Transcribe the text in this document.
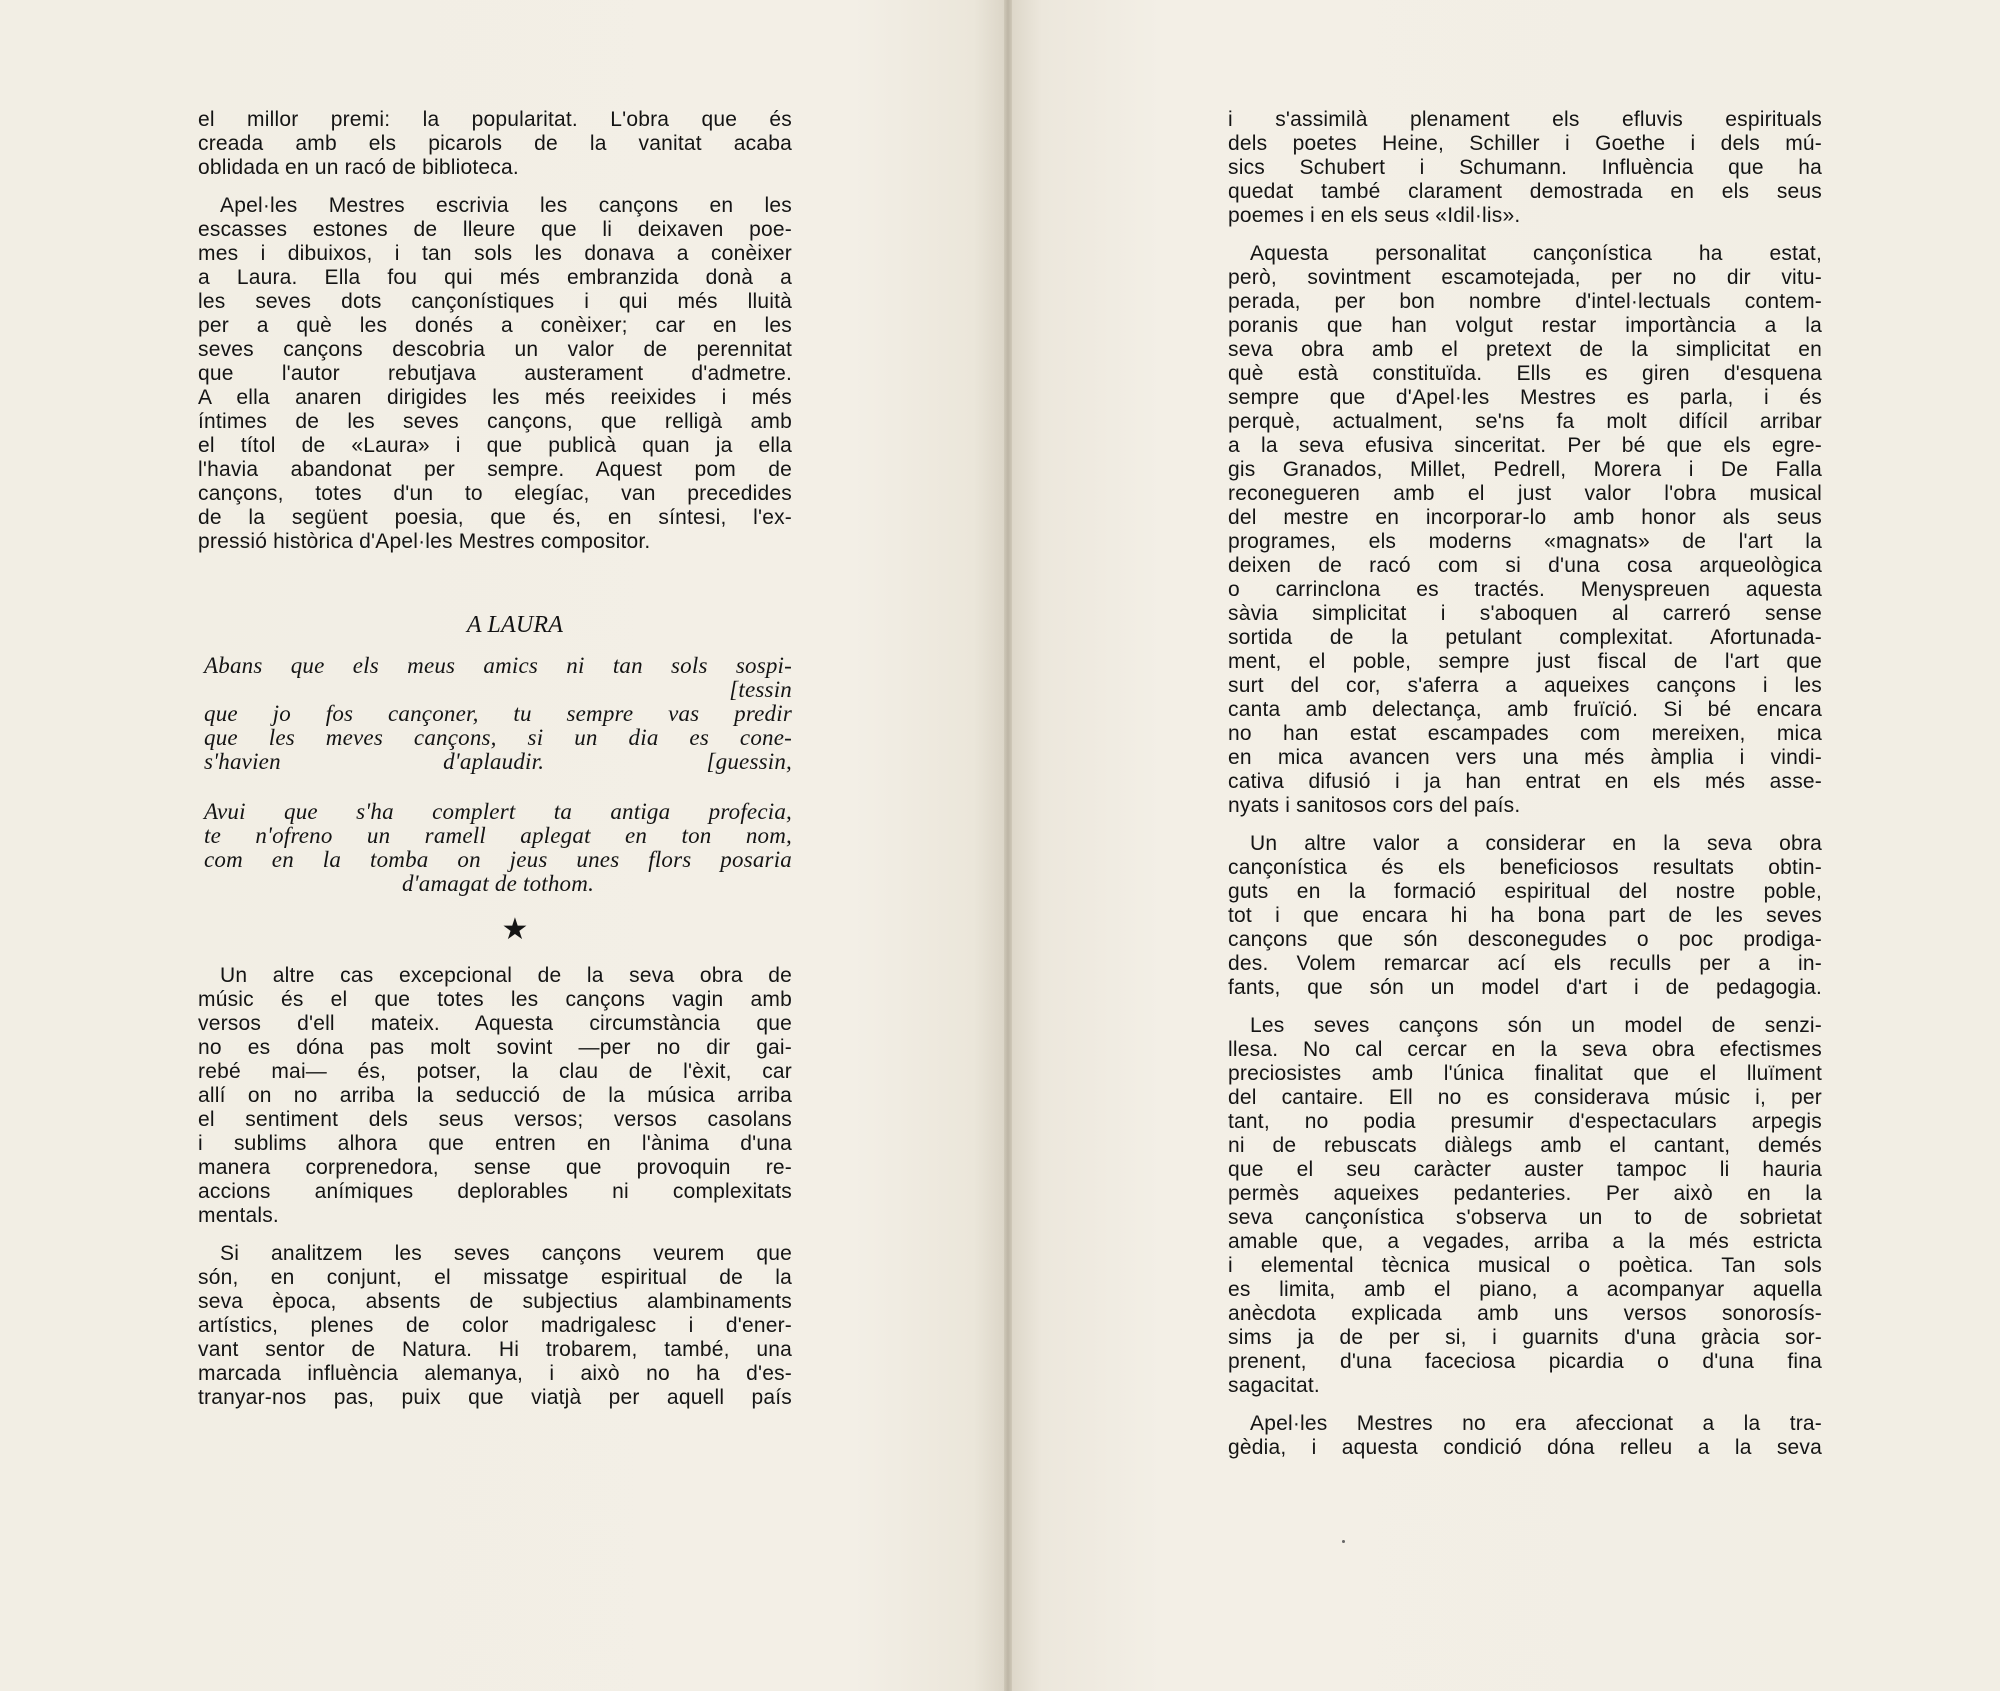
el millor premi: la popularitat. L'obra que és
creada amb els picarols de la vanitat acaba
oblidada en un racó de biblioteca.
Apel·les Mestres escrivia les cançons en les
escasses estones de lleure que li deixaven poe-
mes i dibuixos, i tan sols les donava a conèixer
a Laura. Ella fou qui més embranzida donà a
les seves dots cançonístiques i qui més lluità
per a què les donés a conèixer; car en les
seves cançons descobria un valor de perennitat
que l'autor rebutjava austerament d'admetre.
A ella anaren dirigides les més reeixides i més
íntimes de les seves cançons, que relligà amb
el títol de «Laura» i que publicà quan ja ella
l'havia abandonat per sempre. Aquest pom de
cançons, totes d'un to elegíac, van precedides
de la següent poesia, que és, en síntesi, l'ex-
pressió històrica d'Apel·les Mestres compositor.
A LAURA
Abans que els meus amics ni tan sols sospi-
[tessin
que jo fos cançoner, tu sempre vas predir
que les meves cançons, si un dia es cone-
s'havien d'aplaudir. [guessin,
Avui que s'ha complert ta antiga profecia,
te n'ofreno un ramell aplegat en ton nom,
com en la tomba on jeus unes flors posaria
d'amagat de tothom.
★
Un altre cas excepcional de la seva obra de
músic és el que totes les cançons vagin amb
versos d'ell mateix. Aquesta circumstància que
no es dóna pas molt sovint —per no dir gai-
rebé mai— és, potser, la clau de l'èxit, car
allí on no arriba la seducció de la música arriba
el sentiment dels seus versos; versos casolans
i sublims alhora que entren en l'ànima d'una
manera corprenedora, sense que provoquin re-
accions anímiques deplorables ni complexitats
mentals.
Si analitzem les seves cançons veurem que
són, en conjunt, el missatge espiritual de la
seva època, absents de subjectius alambinaments
artístics, plenes de color madrigalesc i d'ener-
vant sentor de Natura. Hi trobarem, també, una
marcada influència alemanya, i això no ha d'es-
tranyar-nos pas, puix que viatjà per aquell país
i s'assimilà plenament els efluvis espirituals
dels poetes Heine, Schiller i Goethe i dels mú-
sics Schubert i Schumann. Influència que ha
quedat també clarament demostrada en els seus
poemes i en els seus «Idil·lis».
Aquesta personalitat cançonística ha estat,
però, sovintment escamotejada, per no dir vitu-
perada, per bon nombre d'intel·lectuals contem-
poranis que han volgut restar importància a la
seva obra amb el pretext de la simplicitat en
què està constituïda. Ells es giren d'esquena
sempre que d'Apel·les Mestres es parla, i és
perquè, actualment, se'ns fa molt difícil arribar
a la seva efusiva sinceritat. Per bé que els egre-
gis Granados, Millet, Pedrell, Morera i De Falla
reconegueren amb el just valor l'obra musical
del mestre en incorporar-lo amb honor als seus
programes, els moderns «magnats» de l'art la
deixen de racó com si d'una cosa arqueològica
o carrinclona es tractés. Menyspreuen aquesta
sàvia simplicitat i s'aboquen al carreró sense
sortida de la petulant complexitat. Afortunada-
ment, el poble, sempre just fiscal de l'art que
surt del cor, s'aferra a aqueixes cançons i les
canta amb delectança, amb fruïció. Si bé encara
no han estat escampades com mereixen, mica
en mica avancen vers una més àmplia i vindi-
cativa difusió i ja han entrat en els més asse-
nyats i sanitosos cors del país.
Un altre valor a considerar en la seva obra
cançonística és els beneficiosos resultats obtin-
guts en la formació espiritual del nostre poble,
tot i que encara hi ha bona part de les seves
cançons que són desconegudes o poc prodiga-
des. Volem remarcar ací els reculls per a in-
fants, que són un model d'art i de pedagogia.
Les seves cançons són un model de senzi-
llesa. No cal cercar en la seva obra efectismes
preciosistes amb l'única finalitat que el lluïment
del cantaire. Ell no es considerava músic i, per
tant, no podia presumir d'espectaculars arpegis
ni de rebuscats diàlegs amb el cantant, demés
que el seu caràcter auster tampoc li hauria
permès aqueixes pedanteries. Per això en la
seva cançonística s'observa un to de sobrietat
amable que, a vegades, arriba a la més estricta
i elemental tècnica musical o poètica. Tan sols
es limita, amb el piano, a acompanyar aquella
anècdota explicada amb uns versos sonorosís-
sims ja de per si, i guarnits d'una gràcia sor-
prenent, d'una faceciosa picardia o d'una fina
sagacitat.
Apel·les Mestres no era afeccionat a la tra-
gèdia, i aquesta condició dóna relleu a la seva
